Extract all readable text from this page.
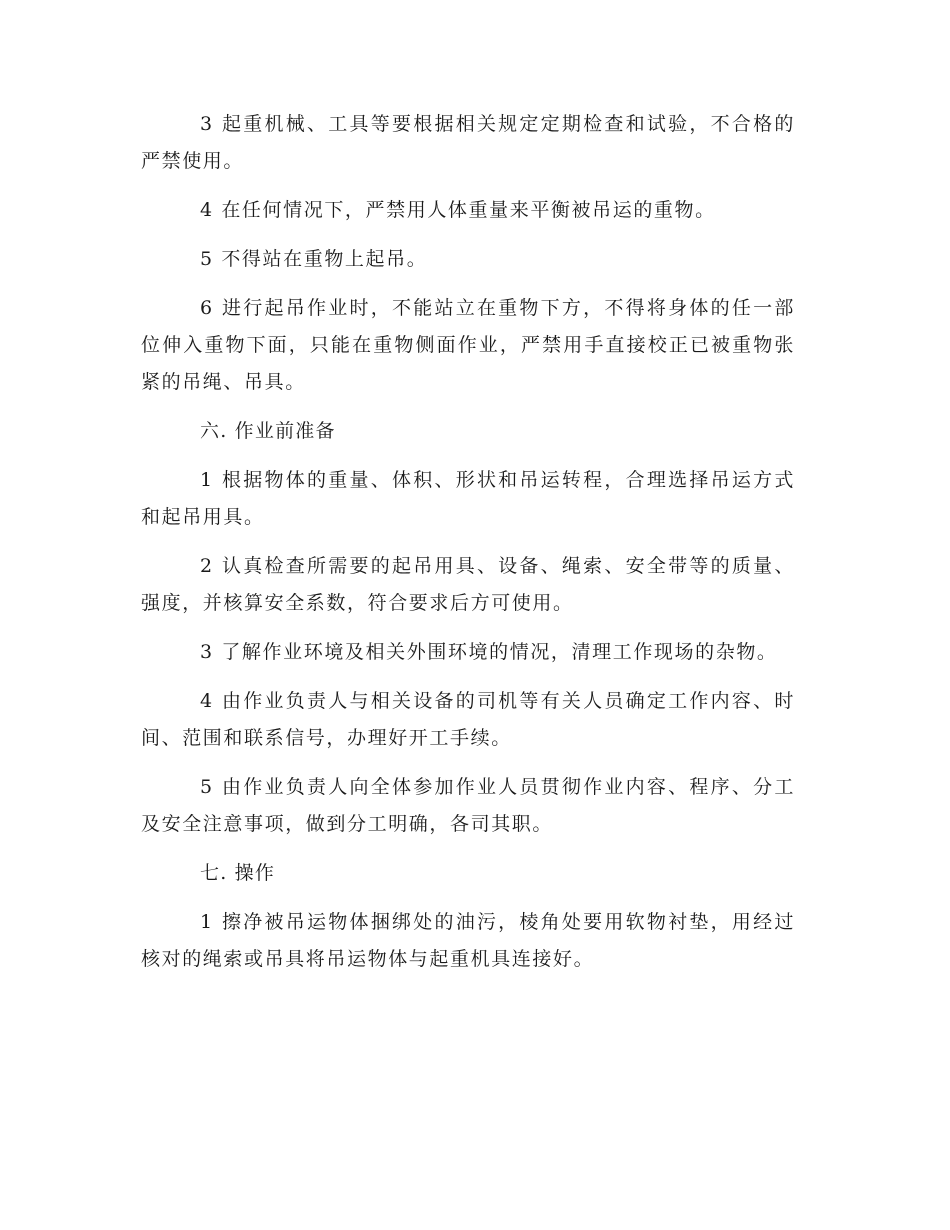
3 起重机械、工具等要根据相关规定定期检查和试验，不合格的严禁使用。

4 在任何情况下，严禁用人体重量来平衡被吊运的重物。

5 不得站在重物上起吊。

6 进行起吊作业时，不能站立在重物下方，不得将身体的任一部位伸入重物下面，只能在重物侧面作业，严禁用手直接校正已被重物张紧的吊绳、吊具。

六. 作业前准备

1 根据物体的重量、体积、形状和吊运转程，合理选择吊运方式和起吊用具。

2 认真检查所需要的起吊用具、设备、绳索、安全带等的质量、强度，并核算安全系数，符合要求后方可使用。

3 了解作业环境及相关外围环境的情况，清理工作现场的杂物。

4 由作业负责人与相关设备的司机等有关人员确定工作内容、时间、范围和联系信号，办理好开工手续。

5 由作业负责人向全体参加作业人员贯彻作业内容、程序、分工及安全注意事项，做到分工明确，各司其职。

七. 操作

1 擦净被吊运物体捆绑处的油污，棱角处要用软物衬垫，用经过核对的绳索或吊具将吊运物体与起重机具连接好。
